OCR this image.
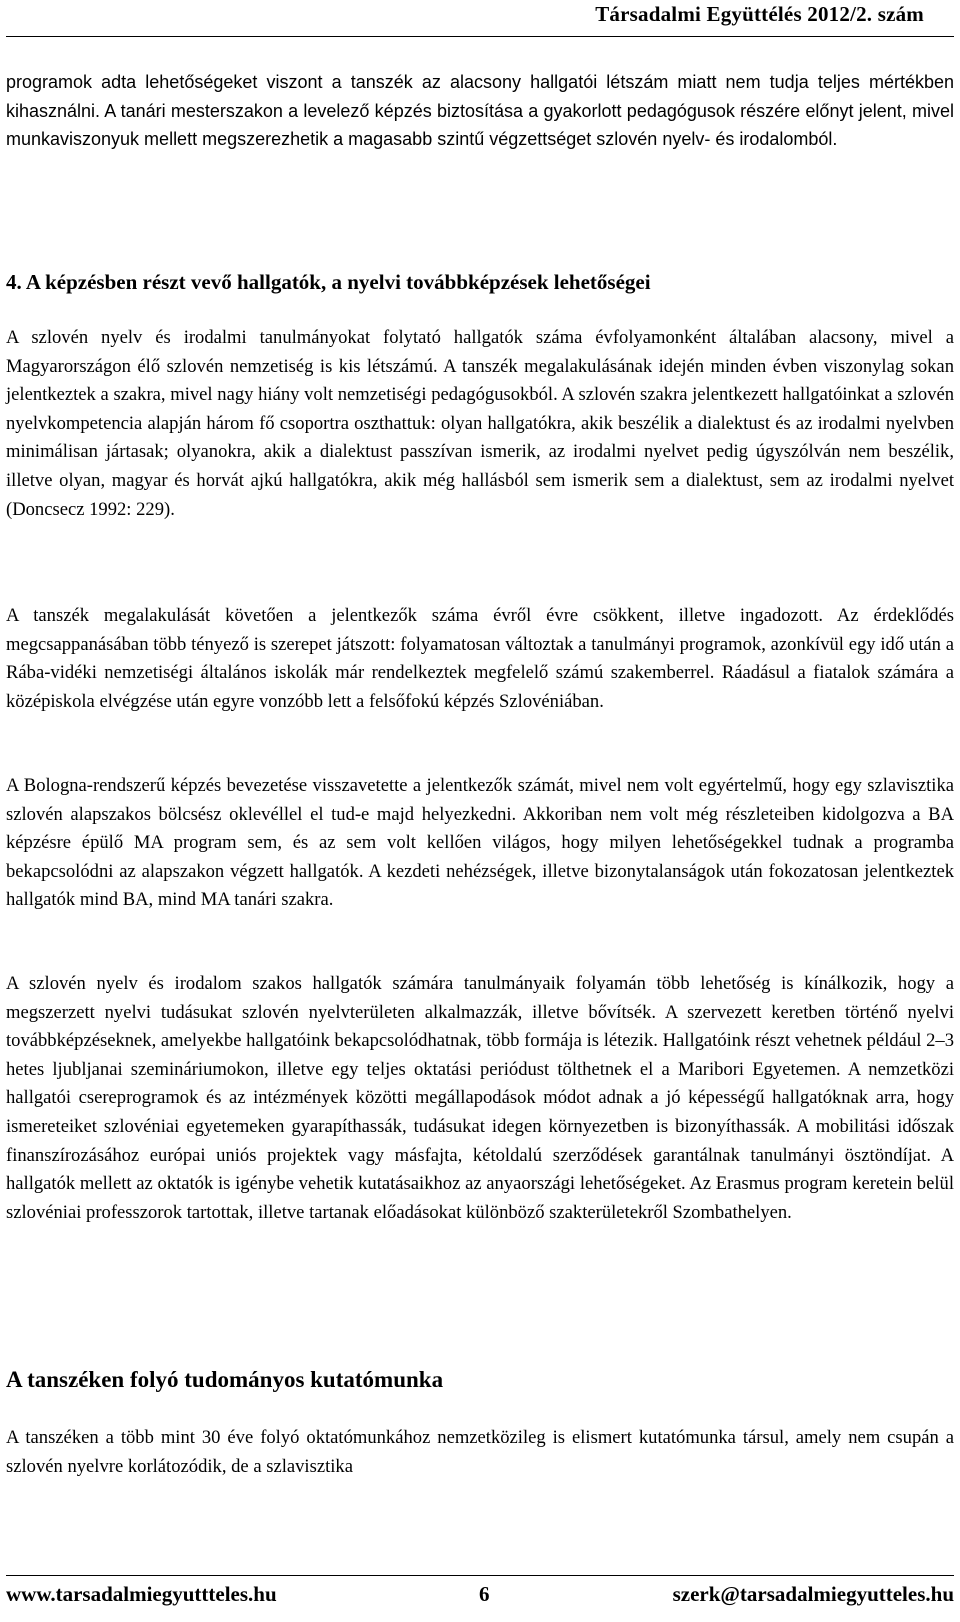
Társadalmi Együttélés 2012/2. szám

programok adta lehetőségeket viszont a tanszék az alacsony hallgatói létszám miatt nem tudja teljes mértékben kihasználni. A tanári mesterszakon a levelező képzés biztosítása a gyakorlott pedagógusok részére előnyt jelent, mivel munkaviszonyuk mellett megszerezhetik a magasabb szintű végzettséget szlovén nyelv- és irodalomból.

4. A képzésben részt vevő hallgatók, a nyelvi továbbképzések lehetőségei

A szlovén nyelv és irodalmi tanulmányokat folytató hallgatók száma évfolyamonként általában alacsony, mivel a Magyarországon élő szlovén nemzetiség is kis létszámú. A tanszék megalakulásának idején minden évben viszonylag sokan jelentkeztek a szakra, mivel nagy hiány volt nemzetiségi pedagógusokból. A szlovén szakra jelentkezett hallgatóinkat a szlovén nyelvkompetencia alapján három fő csoportra oszthattuk: olyan hallgatókra, akik beszélik a dialektust és az irodalmi nyelvben minimálisan jártasak; olyanokra, akik a dialektust passzívan ismerik, az irodalmi nyelvet pedig úgyszólván nem beszélik, illetve olyan, magyar és horvát ajkú hallgatókra, akik még hallásból sem ismerik sem a dialektust, sem az irodalmi nyelvet (Doncsecz 1992: 229).

A tanszék megalakulását követően a jelentkezők száma évről évre csökkent, illetve ingadozott. Az érdeklődés megcsappanásában több tényező is szerepet játszott: folyamatosan változtak a tanulmányi programok, azonkívül egy idő után a Rába-vidéki nemzetiségi általános iskolák már rendelkeztek megfelelő számú szakemberrel. Ráadásul a fiatalok számára a középiskola elvégzése után egyre vonzóbb lett a felsőfokú képzés Szlovéniában.

A Bologna-rendszerű képzés bevezetése visszavetette a jelentkezők számát, mivel nem volt egyértelmű, hogy egy szlavisztika szlovén alapszakos bölcsész oklevéllel el tud-e majd helyezkedni. Akkoriban nem volt még részleteiben kidolgozva a BA képzésre épülő MA program sem, és az sem volt kellően világos, hogy milyen lehetőségekkel tudnak a programba bekapcsolódni az alapszakon végzett hallgatók. A kezdeti nehézségek, illetve bizonytalanságok után fokozatosan jelentkeztek hallgatók mind BA, mind MA tanári szakra.

A szlovén nyelv és irodalom szakos hallgatók számára tanulmányaik folyamán több lehetőség is kínálkozik, hogy a megszerzett nyelvi tudásukat szlovén nyelvterületen alkalmazzák, illetve bővítsék. A szervezett keretben történő nyelvi továbbképzéseknek, amelyekbe hallgatóink bekapcsolódhatnak, több formája is létezik. Hallgatóink részt vehetnek például 2–3 hetes ljubljanai szemináriumokon, illetve egy teljes oktatási periódust tölthetnek el a Maribori Egyetemen. A nemzetközi hallgatói csereprogramok és az intézmények közötti megállapodások módot adnak a jó képességű hallgatóknak arra, hogy ismereteiket szlovéniai egyetemeken gyarapíthassák, tudásukat idegen környezetben is bizonyíthassák. A mobilitási időszak finanszírozásához európai uniós projektek vagy másfajta, kétoldalú szerződések garantálnak tanulmányi ösztöndíjat. A hallgatók mellett az oktatók is igénybe vehetik kutatásaikhoz az anyaországi lehetőségeket. Az Erasmus program keretein belül szlovéniai professzorok tartottak, illetve tartanak előadásokat különböző szakterületekről Szombathelyen.

A tanszéken folyó tudományos kutatómunka

A tanszéken a több mint 30 éve folyó oktatómunkához nemzetközileg is elismert kutatómunka társul, amely nem csupán a szlovén nyelvre korlátozódik, de a szlavisztika

www.tarsadalmiegyuttteles.hu	6	szerk@tarsadalmiegyutteles.hu
